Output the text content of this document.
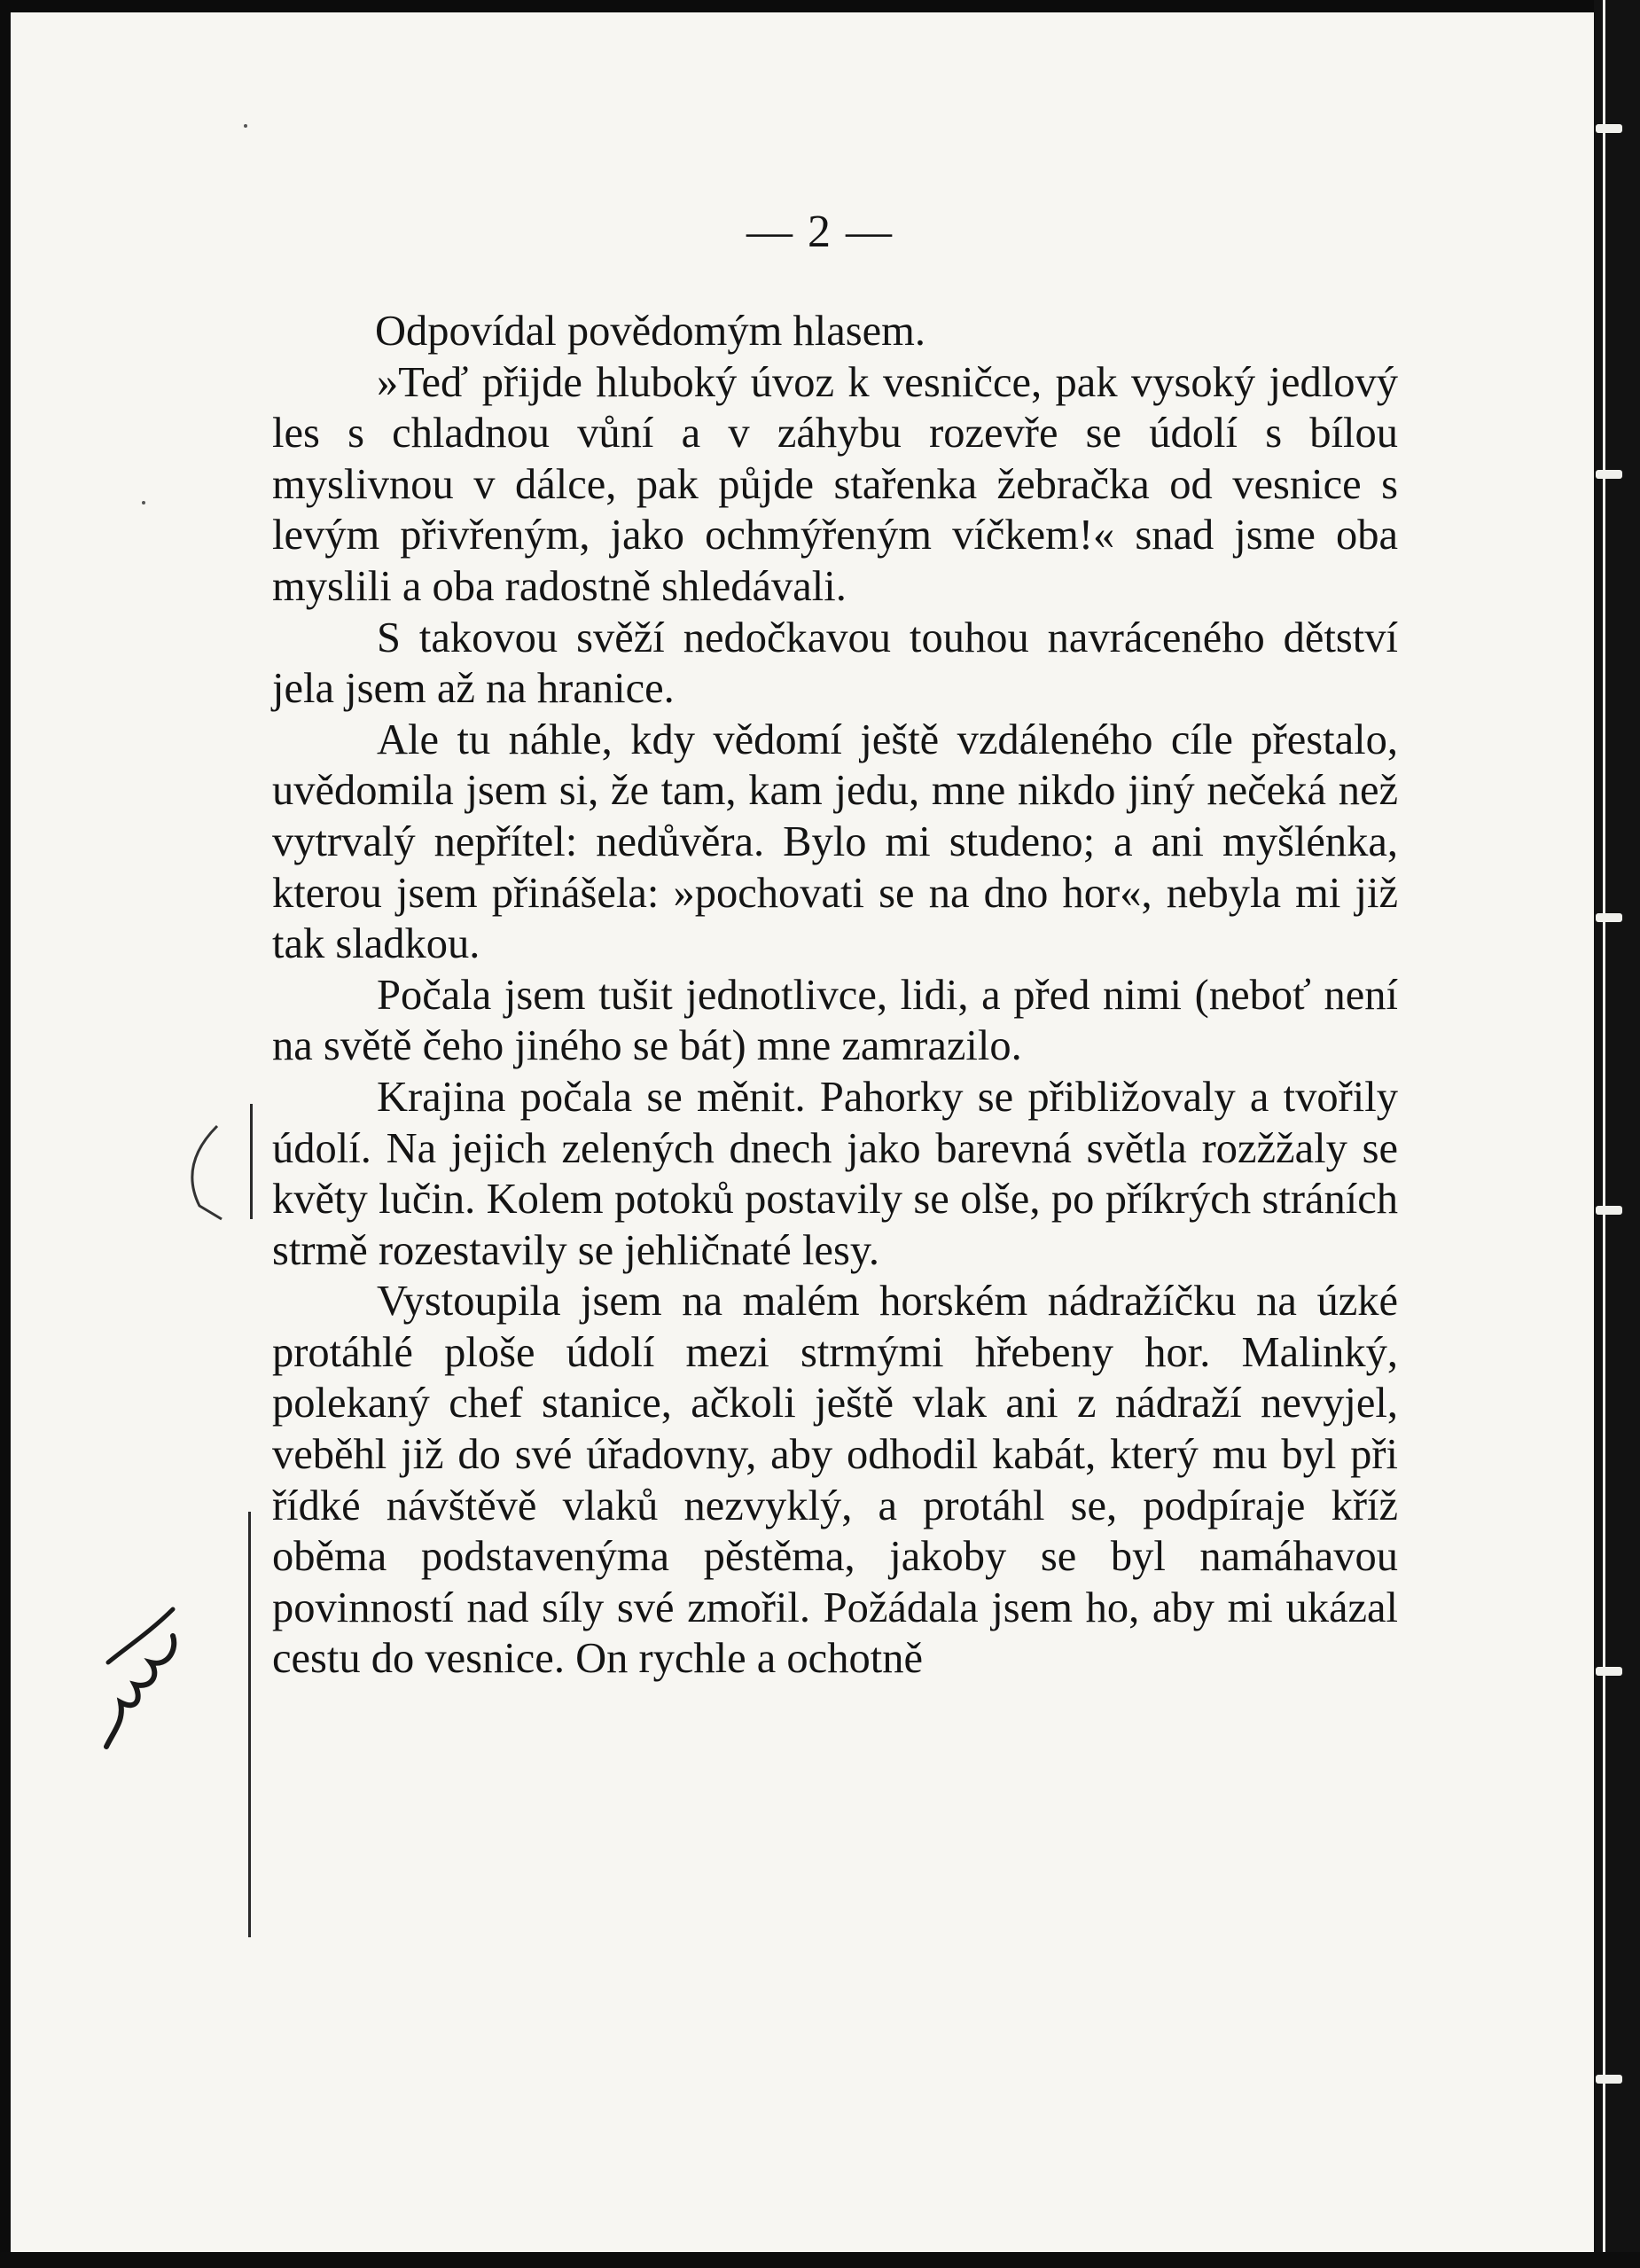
— 2 —

Odpovídal povědomým hlasem.

»Teď přijde hluboký úvoz k vesničce, pak vysoký jedlový les s chladnou vůní a v záhybu rozevře se údolí s bílou myslivnou v dálce, pak půjde stařenka žebračka od vesnice s levým přivřeným, jako ochmýřeným víčkem!« snad jsme oba myslili a oba radostně shledávali.

S takovou svěží nedočkavou touhou navráceného dětství jela jsem až na hranice.

Ale tu náhle, kdy vědomí ještě vzdáleného cíle přestalo, uvědomila jsem si, že tam, kam jedu, mne nikdo jiný nečeká než vytrvalý nepřítel: nedůvěra. Bylo mi studeno; a ani myšlénka, kterou jsem přinášela: »pochovati se na dno hor«, nebyla mi již tak sladkou.

Počala jsem tušit jednotlivce, lidi, a před nimi (neboť není na světě čeho jiného se bát) mne zamrazilo.

Krajina počala se měnit. Pahorky se přibližovaly a tvořily údolí. Na jejich zelených dnech jako barevná světla rozžžaly se květy lučin. Kolem potoků postavily se olše, po příkrých stráních strmě rozestavily se jehličnaté lesy.

Vystoupila jsem na malém horském nádražíčku na úzké protáhlé ploše údolí mezi strmými hřebeny hor. Malinký, polekaný chef stanice, ačkoli ještě vlak ani z nádraží nevyjel, veběhl již do své úřadovny, aby odhodil kabát, který mu byl při řídké návštěvě vlaků nezvyklý, a protáhl se, podpíraje kříž oběma podstavenýma pěstěma, jakoby se byl namáhavou povinností nad síly své zmořil. Požádala jsem ho, aby mi ukázal cestu do vesnice. On rychle a ochotně
